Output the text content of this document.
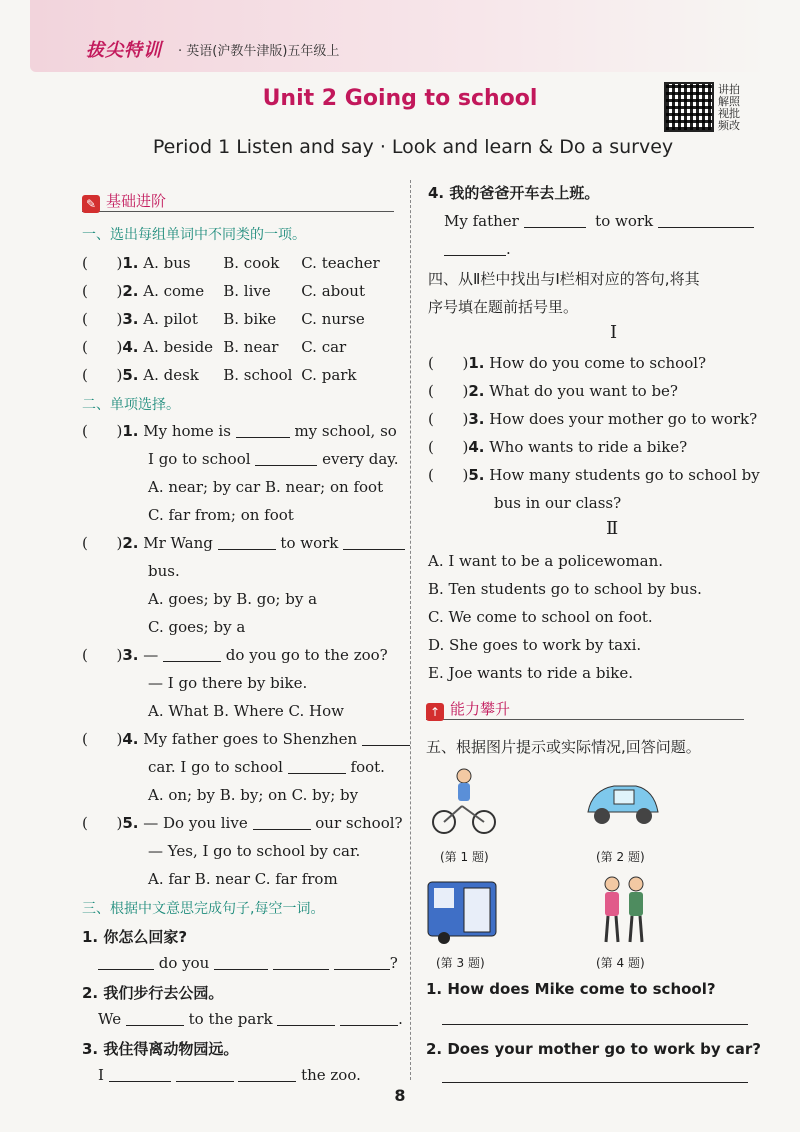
拔尖特训 · 英语(沪教牛津版)五年级上
Unit 2 Going to school
Period 1 Listen and say · Look and learn & Do a survey
讲拍解照视批频改
✎ 基础进阶
一、选出每组单词中不同类的一项。
(      )1. A. bus B. cook C. teacher
(      )2. A. come B. live C. about
(      )3. A. pilot B. bike C. nurse
(      )4. A. beside B. near C. car
(      )5. A. desk B. school C. park
二、单项选择。
(      )1. My home is	my school, so
I go to school	every day.
A. near; by car B. near; on foot
C. far from; on foot
(      )2. Mr Wang	to work
bus.
A. goes; by B. go; by a
C. goes; by a
(      )3. —	do you go to the zoo?
— I go there by bike.
A. What B. Where C. How
(      )4. My father goes to Shenzhen
car. I go to school	foot.
A. on; by B. by; on C. by; by
(      )5. — Do you live	our school?
— Yes, I go to school by car.
A. far B. near C. far from
三、根据中文意思完成句子,每空一词。
1. 你怎么回家?
do you	?
2. 我们步行去公园。
We	to the park	.
3. 我住得离动物园远。
I	the zoo.
4. 我的爸爸开车去上班。
My father	to work
.
四、从Ⅱ栏中找出与Ⅰ栏相对应的答句,将其
序号填在题前括号里。
Ⅰ
(      )1. How do you come to school?
(      )2. What do you want to be?
(      )3. How does your mother go to work?
(      )4. Who wants to ride a bike?
(      )5. How many students go to school by
bus in our class?
Ⅱ
A. I want to be a policewoman.
B. Ten students go to school by bus.
C. We come to school on foot.
D. She goes to work by taxi.
E. Joe wants to ride a bike.
↑ 能力攀升
五、根据图片提示或实际情况,回答问题。
(第 1 题)	(第 2 题)
(第 3 题)	(第 4 题)
1. How does Mike come to school?
2. Does your mother go to work by car?
8
